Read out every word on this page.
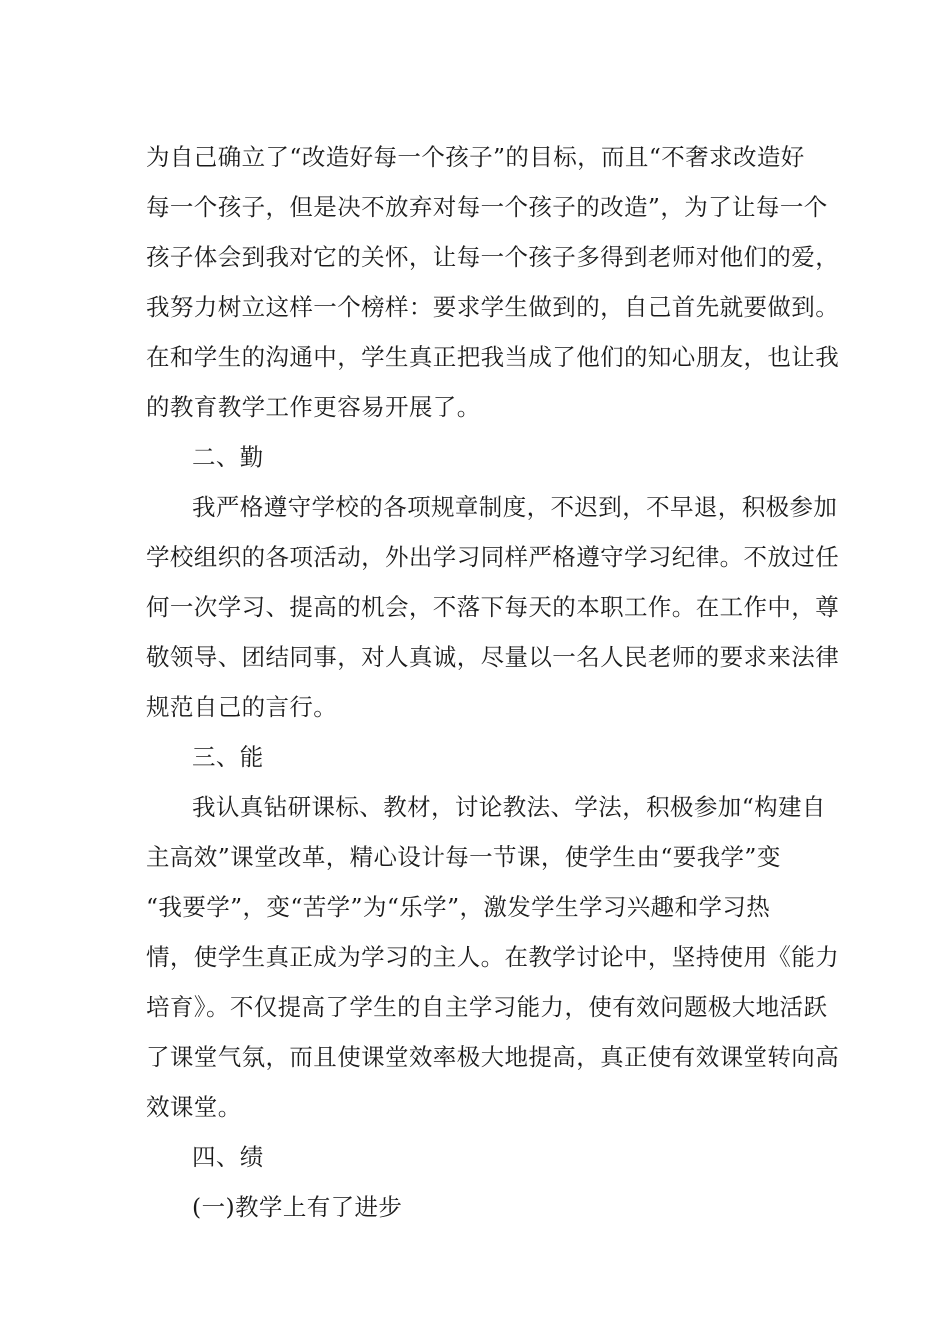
为自己确立了“改造好每一个孩子”的目标，而且“不奢求改造好
每一个孩子，但是决不放弃对每一个孩子的改造”，为了让每一个
孩子体会到我对它的关怀，让每一个孩子多得到老师对他们的爱，
我努力树立这样一个榜样：要求学生做到的，自己首先就要做到。
在和学生的沟通中，学生真正把我当成了他们的知心朋友，也让我
的教育教学工作更容易开展了。
二、勤
我严格遵守学校的各项规章制度，不迟到，不早退，积极参加
学校组织的各项活动，外出学习同样严格遵守学习纪律。不放过任
何一次学习、提高的机会，不落下每天的本职工作。在工作中，尊
敬领导、团结同事，对人真诚，尽量以一名人民老师的要求来法律
规范自己的言行。
三、能
我认真钻研课标、教材，讨论教法、学法，积极参加“构建自
主高效”课堂改革，精心设计每一节课，使学生由“要我学”变
“我要学”，变“苦学”为“乐学”，激发学生学习兴趣和学习热
情，使学生真正成为学习的主人。在教学讨论中，坚持使用《能力
培育》。不仅提高了学生的自主学习能力，使有效问题极大地活跃
了课堂气氛，而且使课堂效率极大地提高，真正使有效课堂转向高
效课堂。
四、绩
(一)教学上有了进步
